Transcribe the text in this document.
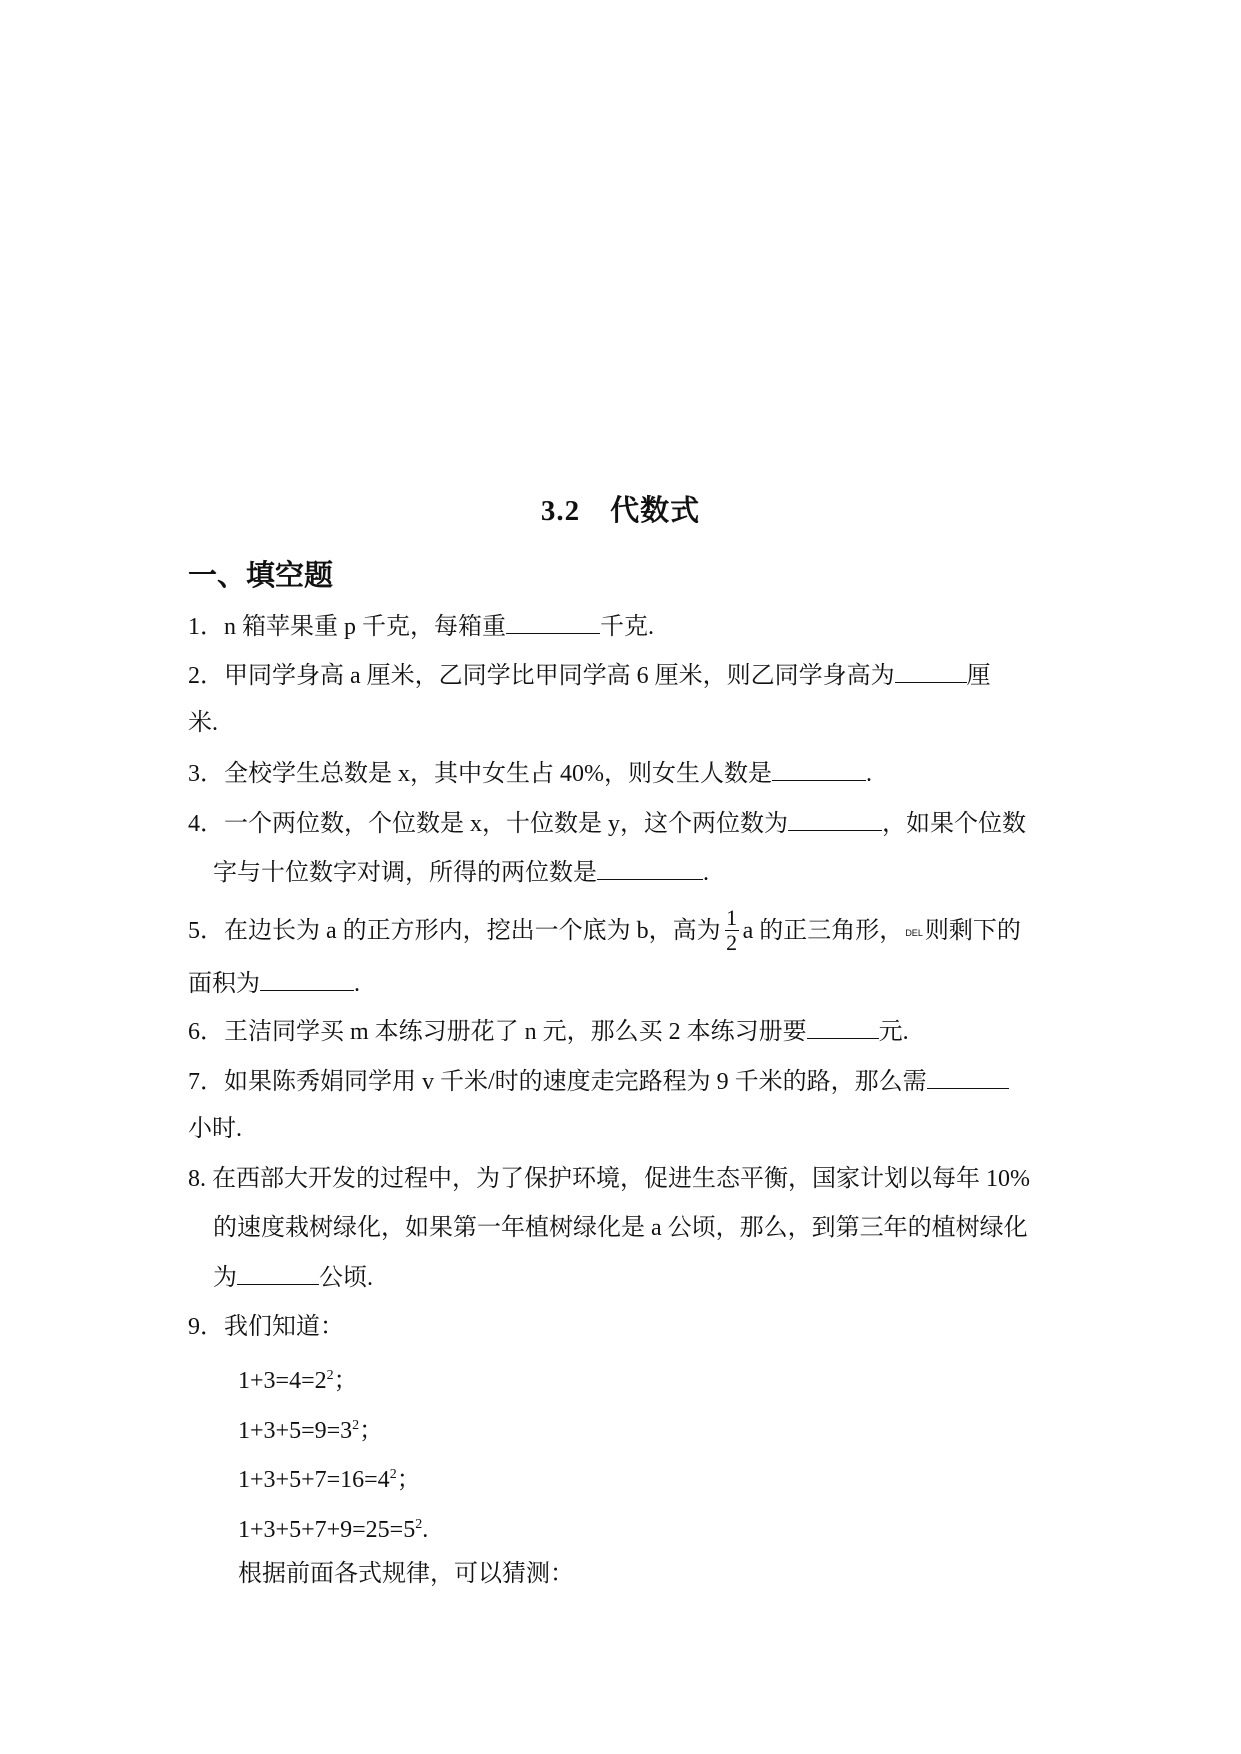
3.2 代数式
一、填空题
1．n 箱苹果重 p 千克，每箱重	千克.
2．甲同学身高 a 厘米，乙同学比甲同学高 6 厘米，则乙同学身高为	厘
米.
3．全校学生总数是 x，其中女生占 40%，则女生人数是	.
4．一个两位数，个位数是 x，十位数是 y，这个两位数为	，如果个位数
字与十位数字对调，所得的两位数是	.
5．在边长为 a 的正方形内，挖出一个底为 b，高为 $\frac{1}{2}$ a 的正三角形， DEL则剩下的
面积为	.
6．王洁同学买 m 本练习册花了 n 元，那么买 2 本练习册要	元.
7．如果陈秀娟同学用 v 千米/时的速度走完路程为 9 千米的路，那么需
小时.
8. 在西部大开发的过程中，为了保护环境，促进生态平衡，国家计划以每年 10%
的速度栽树绿化，如果第一年植树绿化是 a 公顷，那么，到第三年的植树绿化
为	公顷.
9．我们知道：
$1+3=4=2^2$；
$1+3+5=9=3^2$；
$1+3+5+7=16=4^2$；
$1+3+5+7+9=25=5^2$.
根据前面各式规律，可以猜测：
